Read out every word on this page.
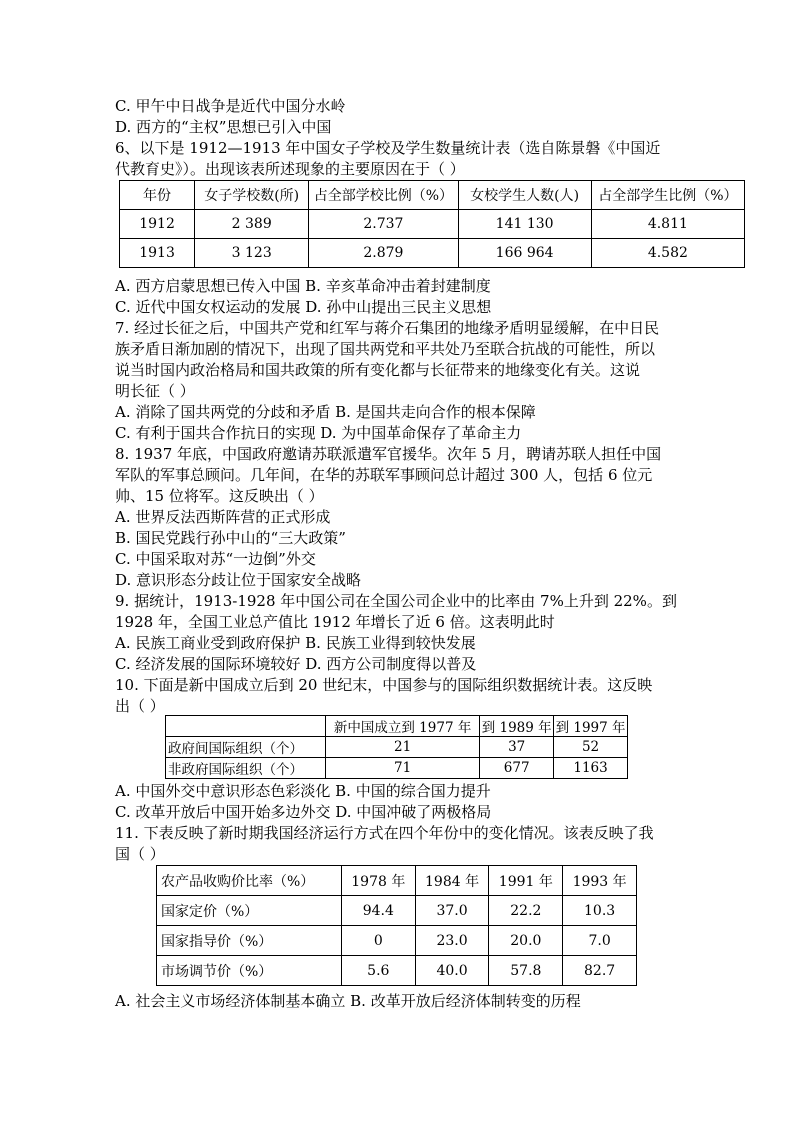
C. 甲午中日战争是近代中国分水岭
D. 西方的“主权”思想已引入中国
6、以下是 1912—1913 年中国女子学校及学生数量统计表（选自陈景磐《中国近
代教育史》）。出现该表所述现象的主要原因在于（ ）
年份	女子学校数(所)	占全部学校比例（%）	女校学生人数(人)	占全部学生比例（%）
1912	2 389	2.737	141 130	4.811
1913	3 123	2.879	166 964	4.582
A. 西方启蒙思想已传入中国 B. 辛亥革命冲击着封建制度
C. 近代中国女权运动的发展 D. 孙中山提出三民主义思想
7. 经过长征之后，中国共产党和红军与蒋介石集团的地缘矛盾明显缓解，在中日民
族矛盾日渐加剧的情况下，出现了国共两党和平共处乃至联合抗战的可能性，所以
说当时国内政治格局和国共政策的所有变化都与长征带来的地缘变化有关。这说
明长征（ ）
A. 消除了国共两党的分歧和矛盾 B. 是国共走向合作的根本保障
C. 有利于国共合作抗日的实现 D. 为中国革命保存了革命主力
8. 1937 年底，中国政府邀请苏联派遣军官援华。次年 5 月，聘请苏联人担任中国
军队的军事总顾问。几年间，在华的苏联军事顾问总计超过 300 人，包括 6 位元
帅、15 位将军。这反映出（ ）
A. 世界反法西斯阵营的正式形成
B. 国民党践行孙中山的“三大政策”
C. 中国采取对苏“一边倒”外交
D. 意识形态分歧让位于国家安全战略
9. 据统计，1913-1928 年中国公司在全国公司企业中的比率由 7%上升到 22%。到
1928 年，全国工业总产值比 1912 年增长了近 6 倍。这表明此时
A. 民族工商业受到政府保护 B. 民族工业得到较快发展
C. 经济发展的国际环境较好 D. 西方公司制度得以普及
10. 下面是新中国成立后到 20 世纪末，中国参与的国际组织数据统计表。这反映
出（ ）
	新中国成立到 1977 年	到 1989 年	到 1997 年
政府间国际组织（个）	21	37	52
非政府国际组织（个）	71	677	1163
A. 中国外交中意识形态色彩淡化 B. 中国的综合国力提升
C. 改革开放后中国开始多边外交 D. 中国冲破了两极格局
11. 下表反映了新时期我国经济运行方式在四个年份中的变化情况。该表反映了我
国（ ）
农产品收购价比率（%）	1978 年	1984 年	1991 年	1993 年
国家定价（%）	94.4	37.0	22.2	10.3
国家指导价（%）	0	23.0	20.0	7.0
市场调节价（%）	5.6	40.0	57.8	82.7
A. 社会主义市场经济体制基本确立 B. 改革开放后经济体制转变的历程
